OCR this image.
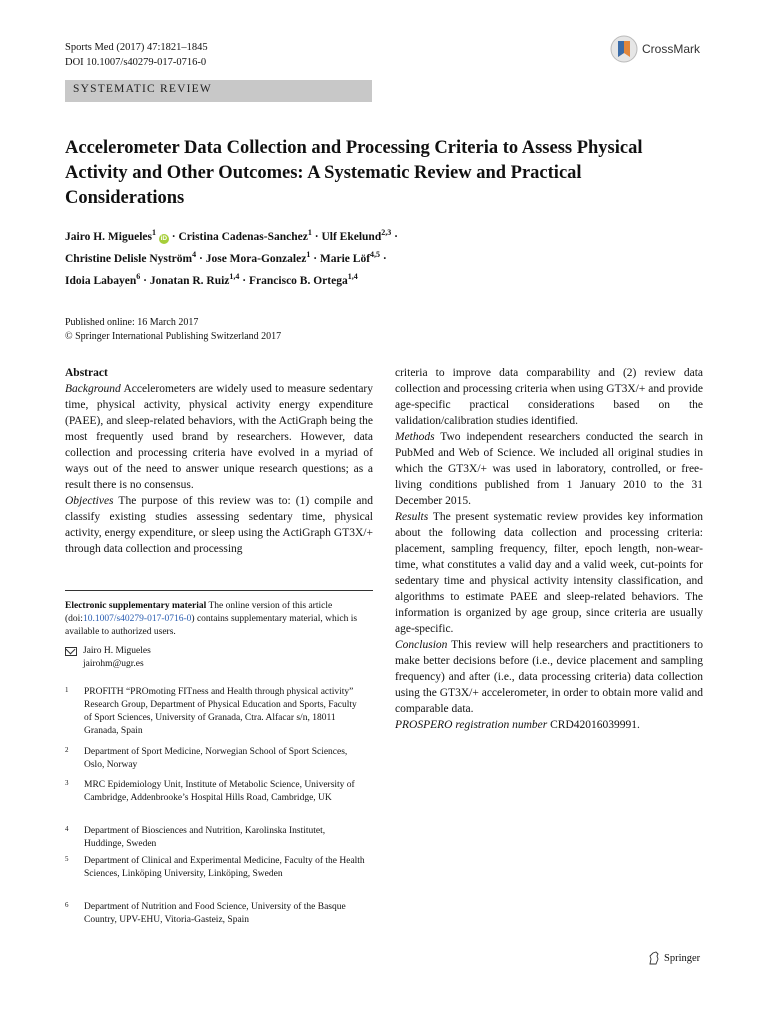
Sports Med (2017) 47:1821–1845
DOI 10.1007/s40279-017-0716-0
CrossMark
SYSTEMATIC REVIEW
Accelerometer Data Collection and Processing Criteria to Assess Physical Activity and Other Outcomes: A Systematic Review and Practical Considerations
Jairo H. Migueles$^1$ iD · Cristina Cadenas-Sanchez$^1$ · Ulf Ekelund$^{2,3}$ ·
Christine Delisle Nyström$^4$ · Jose Mora-Gonzalez$^1$ · Marie Löf$^{4,5}$ ·
Idoia Labayen$^6$ · Jonatan R. Ruiz$^{1,4}$ · Francisco B. Ortega$^{1,4}$
Published online: 16 March 2017
© Springer International Publishing Switzerland 2017
Abstract

Background Accelerometers are widely used to measure sedentary time, physical activity, physical activity energy expenditure (PAEE), and sleep-related behaviors, with the ActiGraph being the most frequently used brand by researchers. However, data collection and processing criteria have evolved in a myriad of ways out of the need to answer unique research questions; as a result there is no consensus.

Objectives The purpose of this review was to: (1) compile and classify existing studies assessing sedentary time, physical activity, energy expenditure, or sleep using the ActiGraph GT3X/+ through data collection and processing

criteria to improve data comparability and (2) review data collection and processing criteria when using GT3X/+ and provide age-specific practical considerations based on the validation/calibration studies identified.

Methods Two independent researchers conducted the search in PubMed and Web of Science. We included all original studies in which the GT3X/+ was used in laboratory, controlled, or free-living conditions published from 1 January 2010 to the 31 December 2015.

Results The present systematic review provides key information about the following data collection and processing criteria: placement, sampling frequency, filter, epoch length, non-wear-time, what constitutes a valid day and a valid week, cut-points for sedentary time and physical activity intensity classification, and algorithms to estimate PAEE and sleep-related behaviors. The information is organized by age group, since criteria are usually age-specific.

Conclusion This review will help researchers and practitioners to make better decisions before (i.e., device placement and sampling frequency) and after (i.e., data processing criteria) data collection using the GT3X/+ accelerometer, in order to obtain more valid and comparable data.

PROSPERO registration number CRD42016039991.

Electronic supplementary material The online version of this article (doi:10.1007/s40279-017-0716-0) contains supplementary material, which is available to authorized users.
Jairo H. Migueles
jairohm@ugr.es
1 PROFITH “PROmoting FITness and Health through physical activity” Research Group, Department of Physical Education and Sports, Faculty of Sport Sciences, University of Granada, Ctra. Alfacar s/n, 18011 Granada, Spain
2 Department of Sport Medicine, Norwegian School of Sport Sciences, Oslo, Norway
3 MRC Epidemiology Unit, Institute of Metabolic Science, University of Cambridge, Addenbrooke’s Hospital Hills Road, Cambridge, UK
4 Department of Biosciences and Nutrition, Karolinska Institutet, Huddinge, Sweden
5 Department of Clinical and Experimental Medicine, Faculty of the Health Sciences, Linköping University, Linköping, Sweden
6 Department of Nutrition and Food Science, University of the Basque Country, UPV-EHU, Vitoria-Gasteiz, Spain
Springer
